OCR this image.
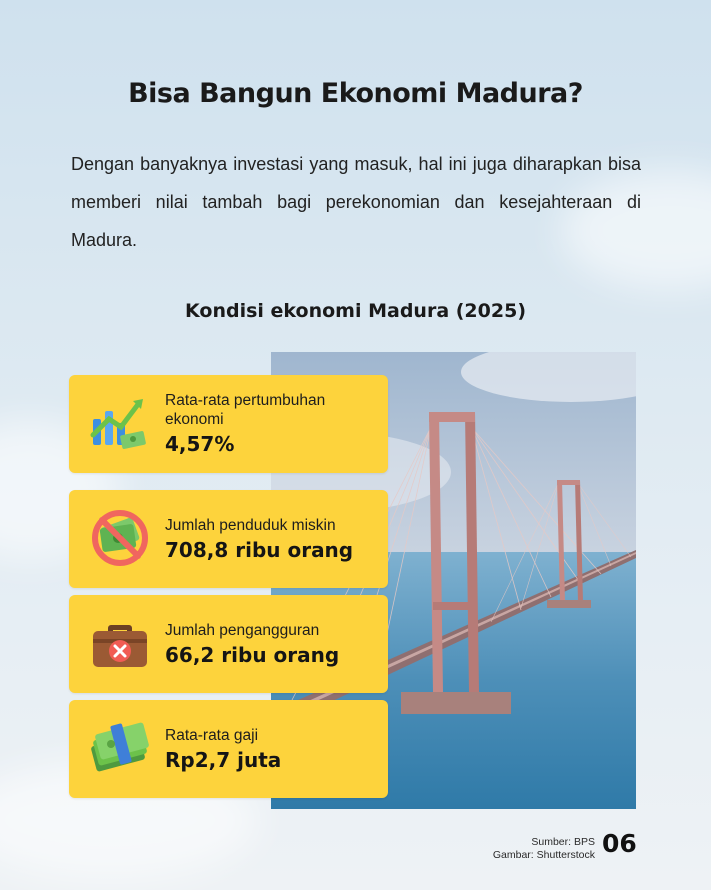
Bisa Bangun Ekonomi Madura?

Dengan banyaknya investasi yang masuk, hal ini juga diharapkan bisa memberi nilai tambah bagi perekonomian dan kesejahteraan di Madura.

Kondisi ekonomi Madura (2025)
Rata-rata pertumbuhan ekonomi
4,57%
Jumlah penduduk miskin
708,8 ribu orang
Jumlah pengangguran
66,2 ribu orang
Rata-rata gaji
Rp2,7 juta
Sumber: BPS
Gambar: Shutterstock 06
